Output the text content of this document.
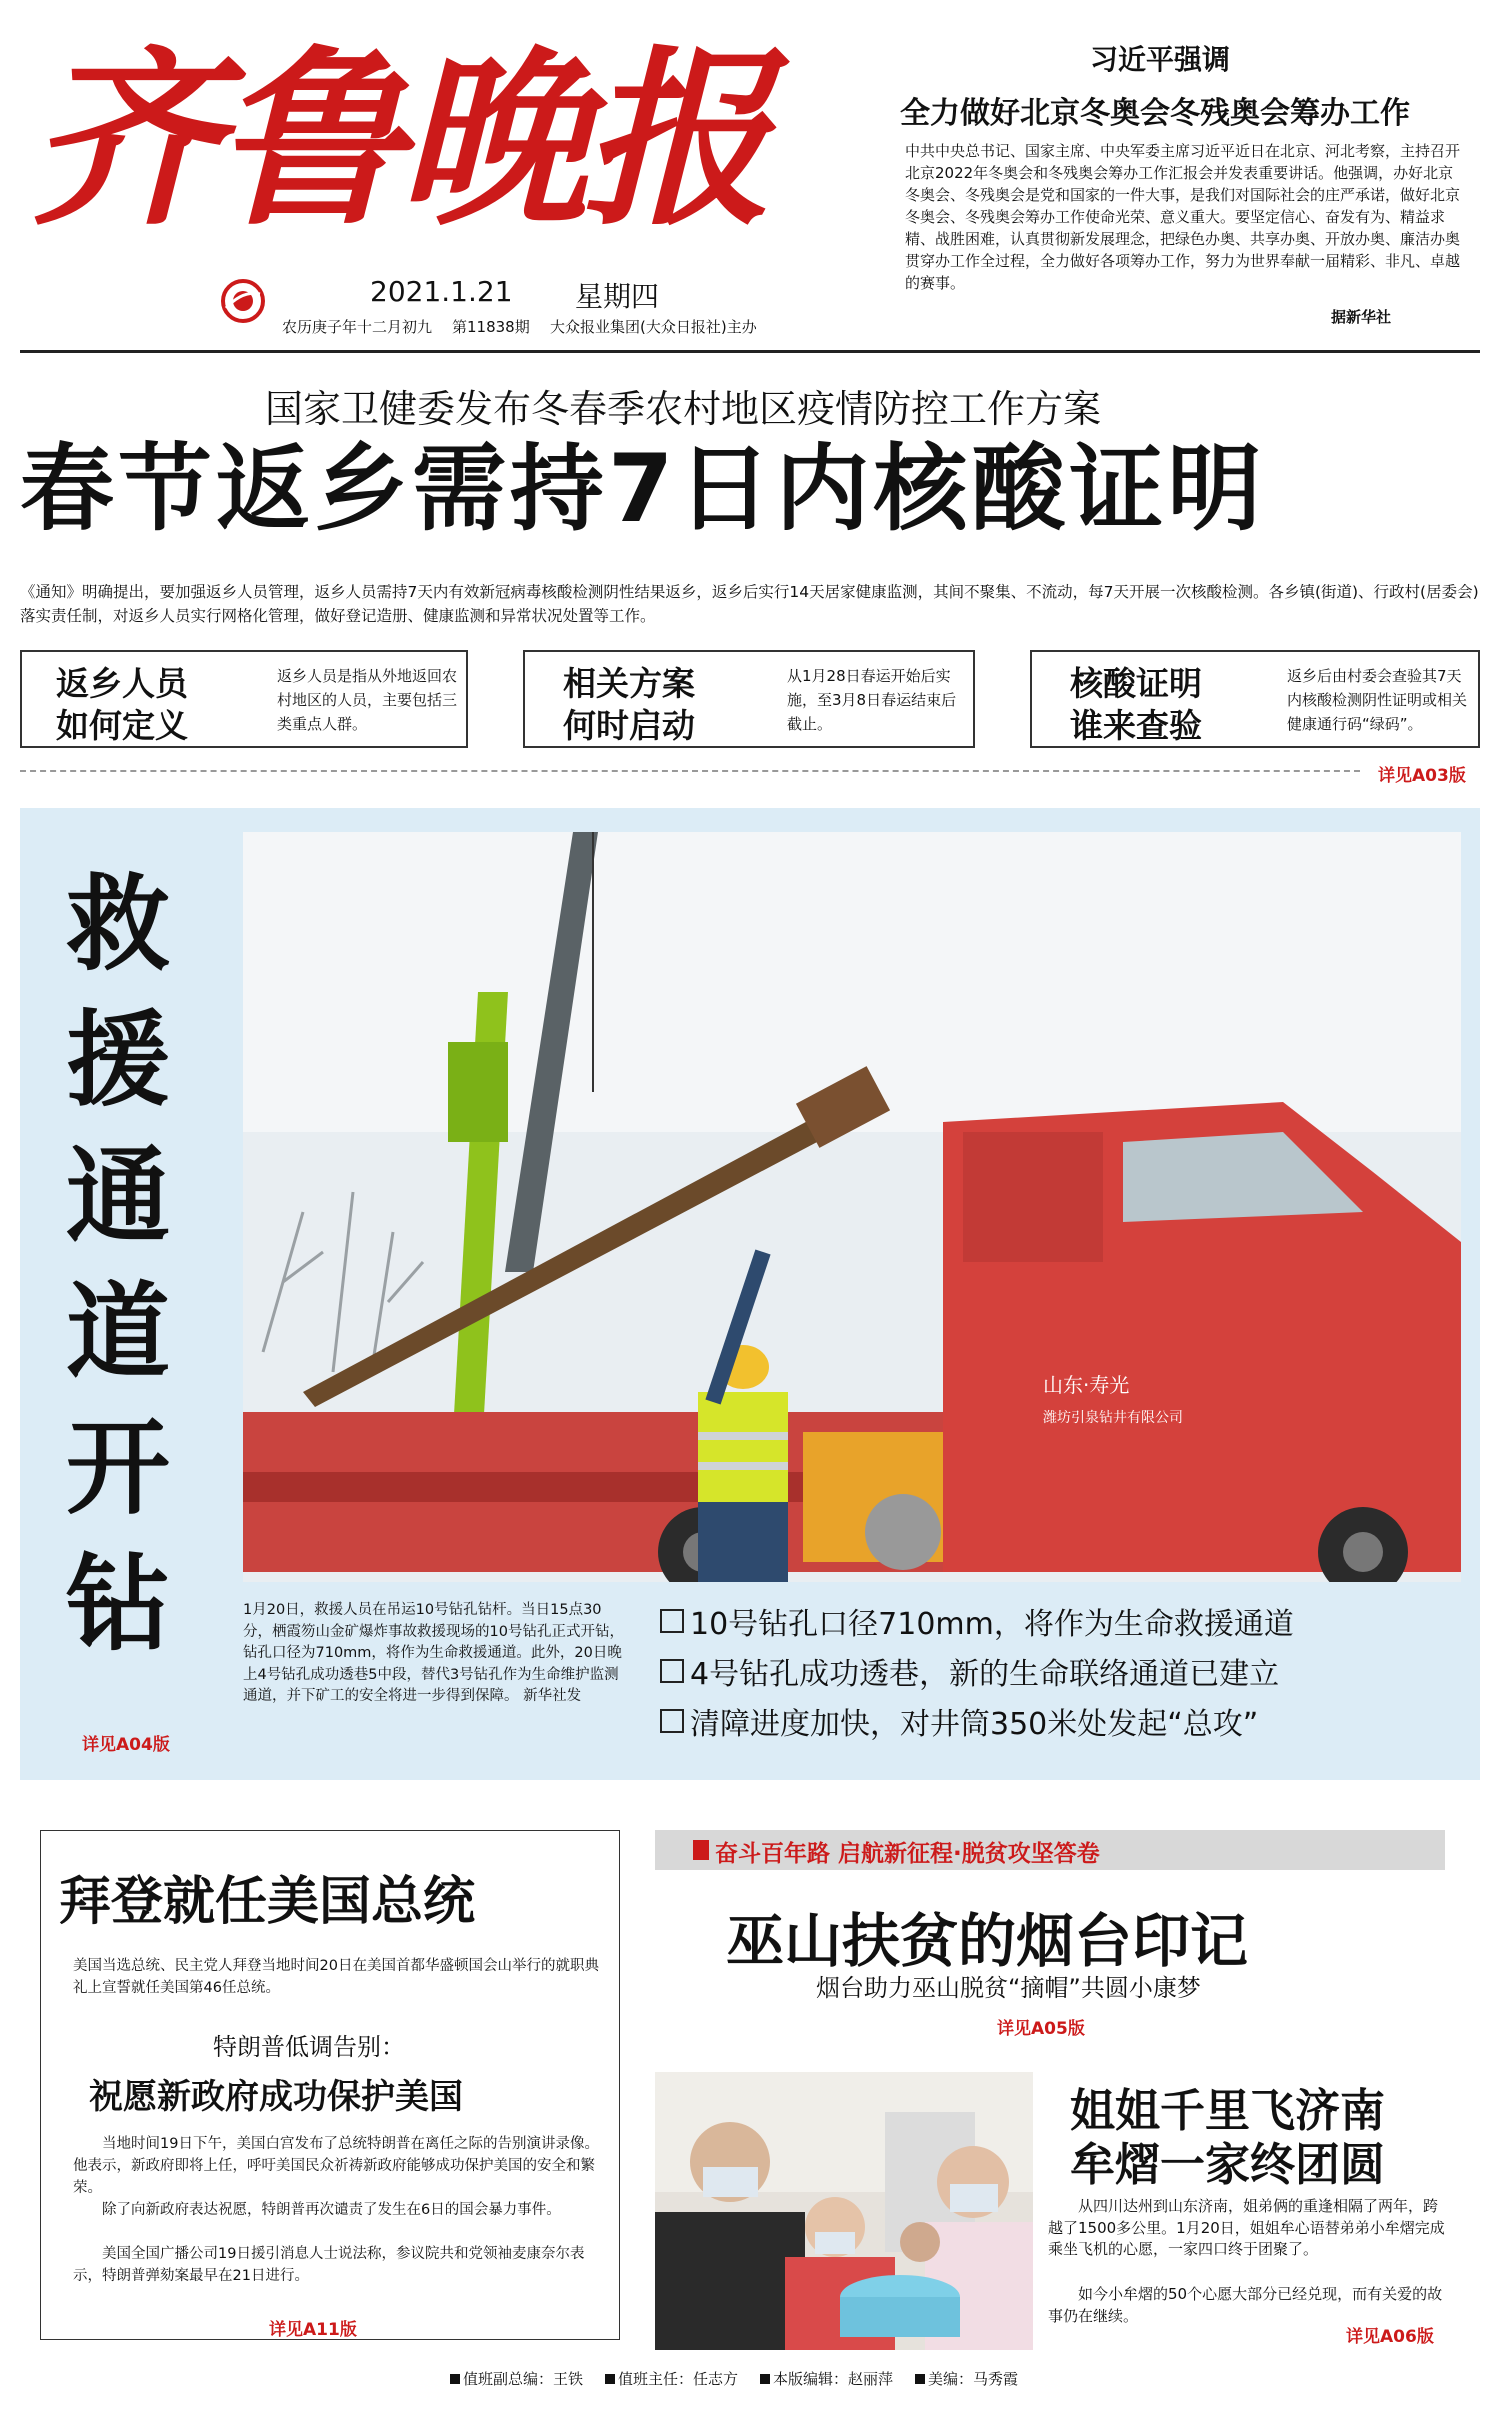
齐鲁晚报
2021.1.21 星期四
农历庚子年十二月初九 第11838期 大众报业集团(大众日报社)主办
习近平强调
全力做好北京冬奥会冬残奥会筹办工作
中共中央总书记、国家主席、中央军委主席习近平近日在北京、河北考察，主持召开北京2022年冬奥会和冬残奥会筹办工作汇报会并发表重要讲话。他强调，办好北京冬奥会、冬残奥会是党和国家的一件大事，是我们对国际社会的庄严承诺，做好北京冬奥会、冬残奥会筹办工作使命光荣、意义重大。要坚定信心、奋发有为、精益求精、战胜困难，认真贯彻新发展理念，把绿色办奥、共享办奥、开放办奥、廉洁办奥贯穿办工作全过程，全力做好各项筹办工作，努力为世界奉献一届精彩、非凡、卓越的赛事。
据新华社
国家卫健委发布冬春季农村地区疫情防控工作方案
春节返乡需持7日内核酸证明
《通知》明确提出，要加强返乡人员管理，返乡人员需持7天内有效新冠病毒核酸检测阴性结果返乡，返乡后实行14天居家健康监测，其间不聚集、不流动，每7天开展一次核酸检测。各乡镇(街道)、行政村(居委会)落实责任制，对返乡人员实行网格化管理，做好登记造册、健康监测和异常状况处置等工作。
返乡人员
如何定义
返乡人员是指从外地返回农村地区的人员，主要包括三类重点人群。
相关方案
何时启动
从1月28日春运开始后实施，至3月8日春运结束后截止。
核酸证明
谁来查验
返乡后由村委会查验其7天内核酸检测阴性证明或相关健康通行码“绿码”。
详见A03版
救
援
通
道
开
钻
详见A04版
山东·寿光
潍坊引泉钻井有限公司
1月20日，救援人员在吊运10号钻孔钻杆。当日15点30分，栖霞笏山金矿爆炸事故救援现场的10号钻孔正式开钻，钻孔口径为710mm，将作为生命救援通道。此外，20日晚上4号钻孔成功透巷5中段，替代3号钻孔作为生命维护监测通道，并下矿工的安全将进一步得到保障。 新华社发
10号钻孔口径710mm，将作为生命救援通道
4号钻孔成功透巷，新的生命联络通道已建立
清障进度加快，对井筒350米处发起“总攻”
拜登就任美国总统
美国当选总统、民主党人拜登当地时间20日在美国首都华盛顿国会山举行的就职典礼上宣誓就任美国第46任总统。
特朗普低调告别：
祝愿新政府成功保护美国
当地时间19日下午，美国白宫发布了总统特朗普在离任之际的告别演讲录像。他表示，新政府即将上任，呼吁美国民众祈祷新政府能够成功保护美国的安全和繁荣。
除了向新政府表达祝愿，特朗普再次谴责了发生在6日的国会暴力事件。
美国全国广播公司19日援引消息人士说法称，参议院共和党领袖麦康奈尔表示，特朗普弹劾案最早在21日进行。
详见A11版
奋斗百年路 启航新征程·脱贫攻坚答卷
巫山扶贫的烟台印记
烟台助力巫山脱贫“摘帽”共圆小康梦
详见A05版
姐姐千里飞济南
牟熠一家终团圆
从四川达州到山东济南，姐弟俩的重逢相隔了两年，跨越了1500多公里。1月20日，姐姐牟心语替弟弟小牟熠完成乘坐飞机的心愿，一家四口终于团聚了。
如今小牟熠的50个心愿大部分已经兑现，而有关爱的故事仍在继续。
详见A06版
值班副总编：王铁	值班主任：任志方	本版编辑：赵丽萍	美编：马秀霞
